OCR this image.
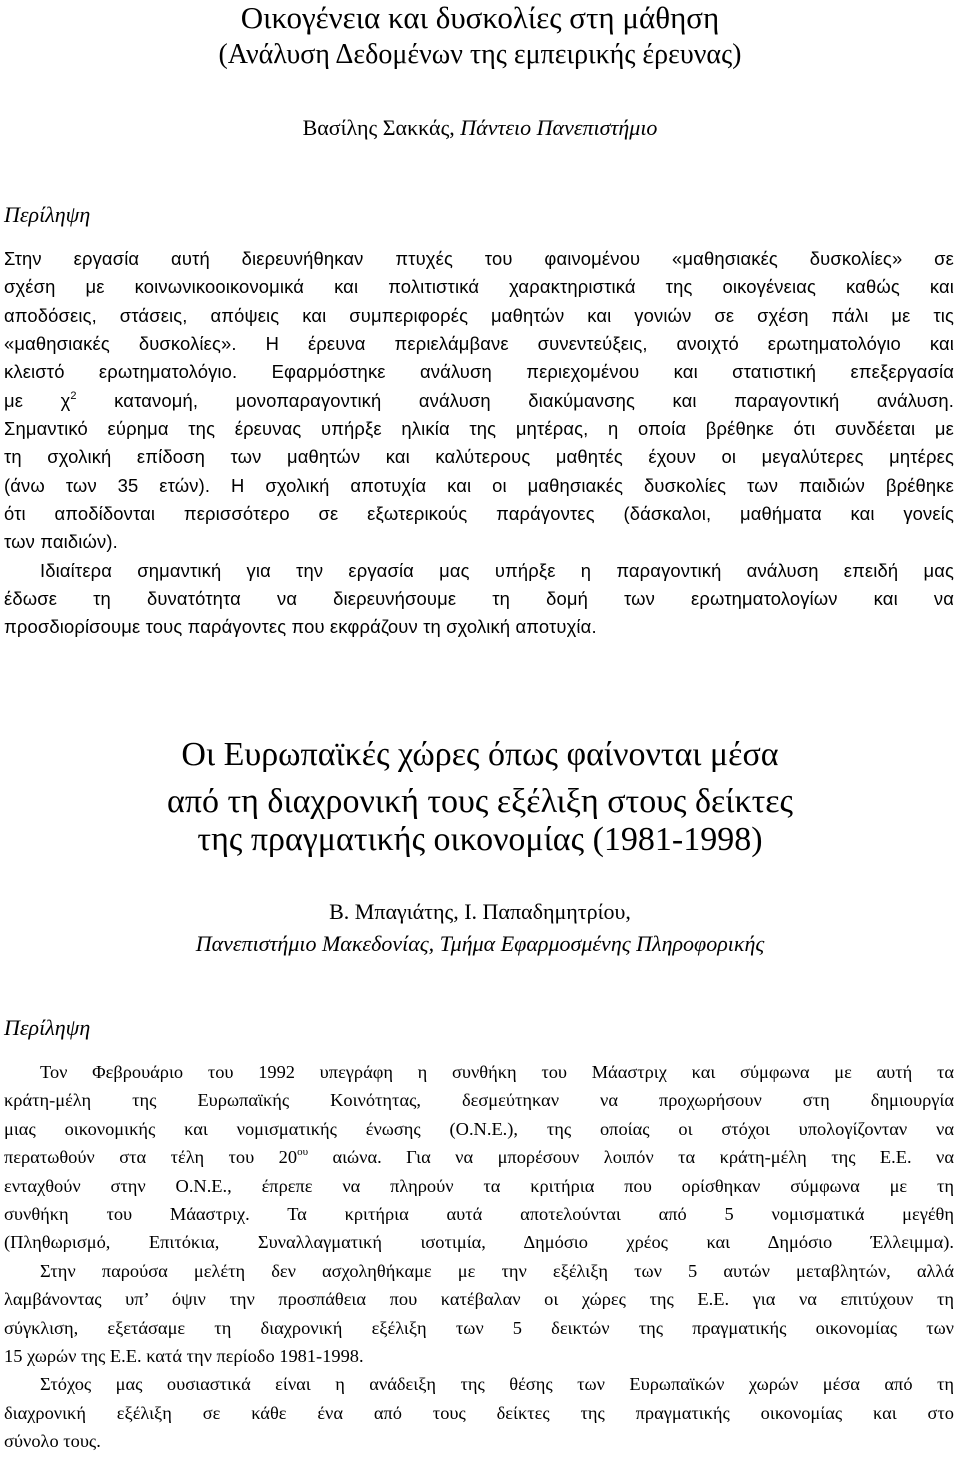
Οικογένεια και δυσκολίες στη μάθηση
(Ανάλυση Δεδομένων της εμπειρικής έρευνας)
Βασίλης Σακκάς, Πάντειο Πανεπιστήμιο
Περίληψη
Στην εργασία αυτή διερευνήθηκαν πτυχές του φαινομένου «μαθησιακές δυσκολίες» σε
σχέση με κοινωνικοοικονομικά και πολιτιστικά χαρακτηριστικά της οικογένειας καθώς και
αποδόσεις, στάσεις, απόψεις και συμπεριφορές μαθητών και γονιών σε σχέση πάλι με τις
«μαθησιακές δυσκολίες». Η έρευνα περιελάμβανε συνεντεύξεις, ανοιχτό ερωτηματολόγιο και
κλειστό ερωτηματολόγιο. Εφαρμόστηκε ανάλυση περιεχομένου και στατιστική επεξεργασία
με $\chi^2$ κατανομή, μονοπαραγοντική ανάλυση διακύμανσης και παραγοντική ανάλυση.
Σημαντικό εύρημα της έρευνας υπήρξε ηλικία της μητέρας, η οποία βρέθηκε ότι συνδέεται με
τη σχολική επίδοση των μαθητών και καλύτερους μαθητές έχουν οι μεγαλύτερες μητέρες
(άνω των 35 ετών). Η σχολική αποτυχία και οι μαθησιακές δυσκολίες των παιδιών βρέθηκε
ότι αποδίδονται περισσότερο σε εξωτερικούς παράγοντες (δάσκαλοι, μαθήματα και γονείς
των παιδιών).
Ιδιαίτερα σημαντική για την εργασία μας υπήρξε η παραγοντική ανάλυση επειδή μας
έδωσε τη δυνατότητα να διερευνήσουμε τη δομή των ερωτηματολογίων και να
προσδιορίσουμε τους παράγοντες που εκφράζουν τη σχολική αποτυχία.
Οι Ευρωπαϊκές χώρες όπως φαίνονται μέσα
από τη διαχρονική τους εξέλιξη στους δείκτες
της πραγματικής οικονομίας (1981-1998)
Β. Μπαγιάτης, Ι. Παπαδημητρίου,
Πανεπιστήμιο Μακεδονίας, Τμήμα Εφαρμοσμένης Πληροφορικής
Περίληψη
Τον Φεβρουάριο του 1992 υπεγράφη η συνθήκη του Μάαστριχ και σύμφωνα με αυτή τα
κράτη-μέλη της Ευρωπαϊκής Κοινότητας, δεσμεύτηκαν να προχωρήσουν στη δημιουργία
μιας οικονομικής και νομισματικής ένωσης (Ο.Ν.Ε.), της οποίας οι στόχοι υπολογίζονταν να
περατωθούν στα τέλη του $20^{o\upsilon}$ αιώνα. Για να μπορέσουν λοιπόν τα κράτη-μέλη της Ε.Ε. να
ενταχθούν στην Ο.Ν.Ε., έπρεπε να πληρούν τα κριτήρια που ορίσθηκαν σύμφωνα με τη
συνθήκη του Μάαστριχ. Τα κριτήρια αυτά αποτελούνται από 5 νομισματικά μεγέθη
(Πληθωρισμό, Επιτόκια, Συναλλαγματική ισοτιμία, Δημόσιο χρέος και Δημόσιο Έλλειμμα).
Στην παρούσα μελέτη δεν ασχοληθήκαμε με την εξέλιξη των 5 αυτών μεταβλητών, αλλά
λαμβάνοντας υπ’ όψιν την προσπάθεια που κατέβαλαν οι χώρες της Ε.Ε. για να επιτύχουν τη
σύγκλιση, εξετάσαμε τη διαχρονική εξέλιξη των 5 δεικτών της πραγματικής οικονομίας των
15 χωρών της Ε.Ε. κατά την περίοδο 1981-1998.
Στόχος μας ουσιαστικά είναι η ανάδειξη της θέσης των Ευρωπαϊκών χωρών μέσα από τη
διαχρονική εξέλιξη σε κάθε ένα από τους δείκτες της πραγματικής οικονομίας και στο
σύνολο τους.
